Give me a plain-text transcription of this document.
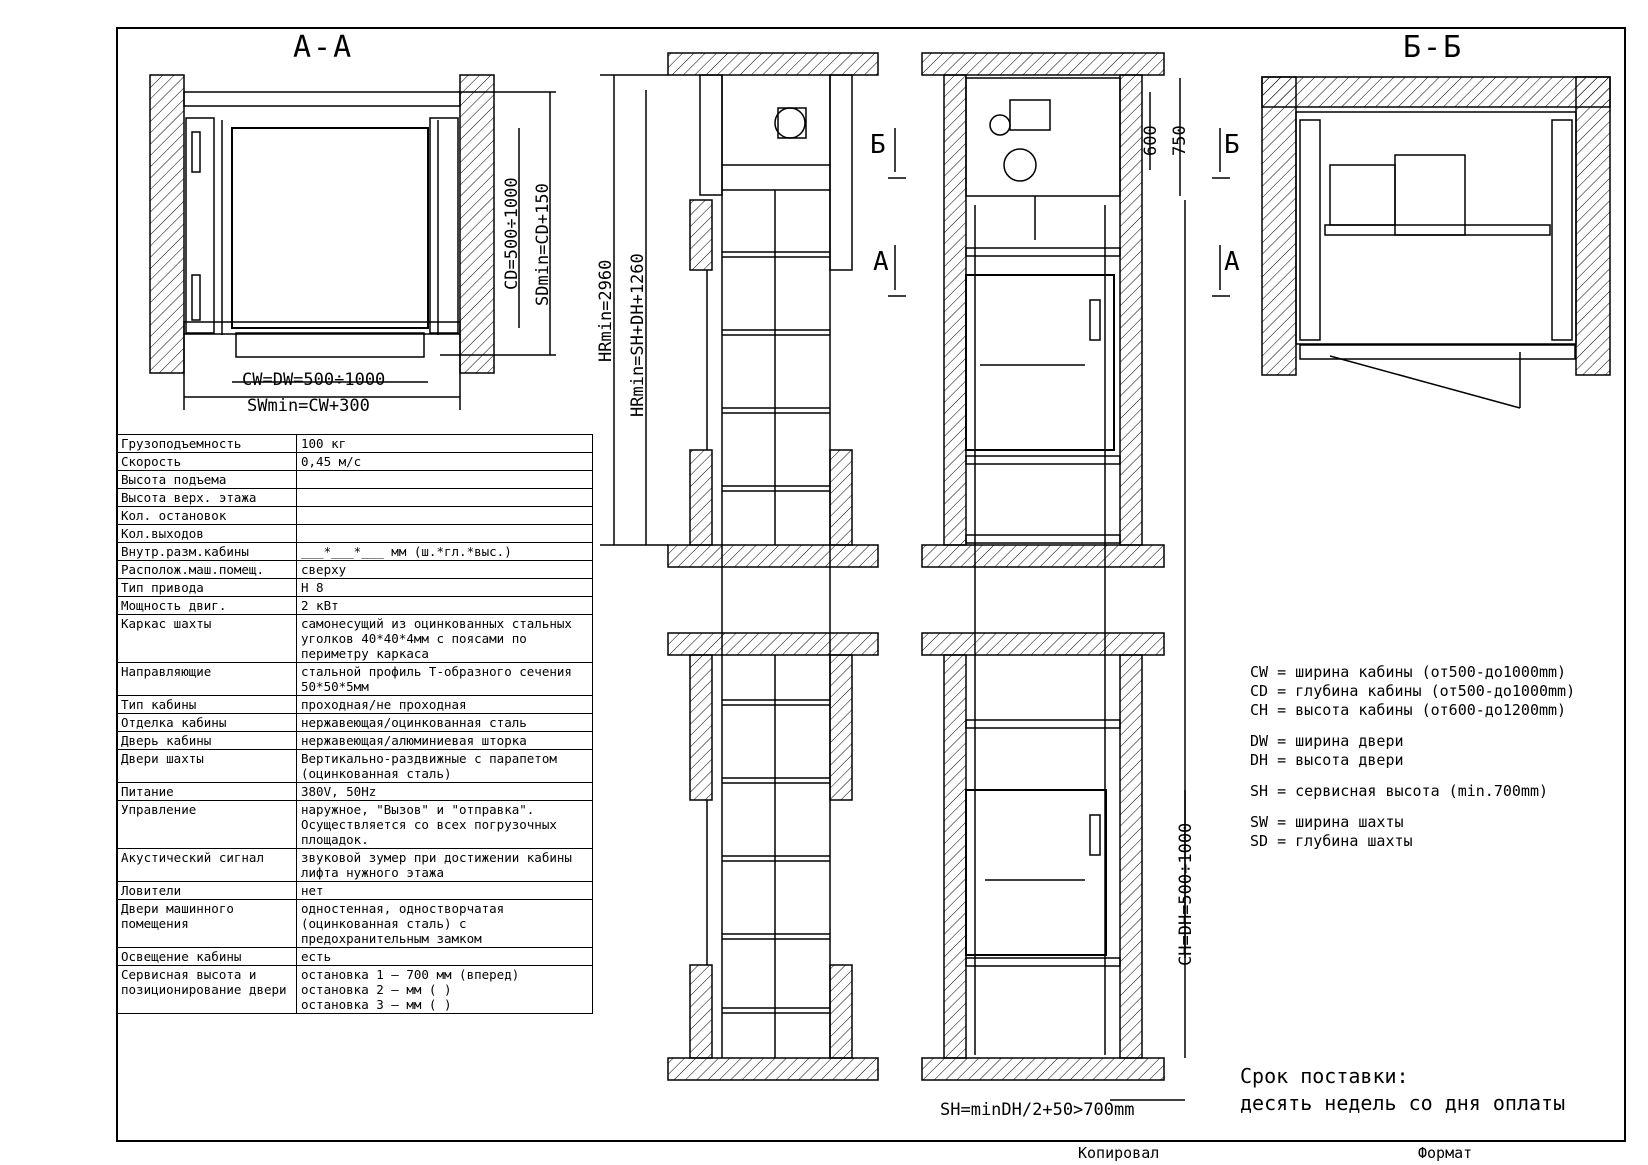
А-А	Б-Б
Б	Б
А	А
CW=DW=500÷1000
SWmin=CW+300
CD=500÷1000 SDmin=CD+150
HRmin=2960 HRmin=SH+DH+1260
600 750
CH=DH=500÷1000
SH=minDH/2+50>700mm
Грузоподъемность	100 кг
Скорость	0,45 м/с
Высота подъема	
Высота верх. этажа	
Кол. остановок	
Кол.выходов	
Внутр.разм.кабины	___*___*___ мм (ш.*гл.*выс.)
Располож.маш.помещ.	сверху
Тип привода	Н 8
Мощность двиг.	2 кВт
Каркас шахты	самонесущий из оцинкованных стальных уголков 40*40*4мм с поясами по периметру каркаса
Направляющие	стальной профиль Т-образного сечения 50*50*5мм
Тип кабины	проходная/не проходная
Отделка кабины	нержавеющая/оцинкованная сталь
Дверь кабины	нержавеющая/алюминиевая шторка
Двери шахты	Вертикально-раздвижные с парапетом (оцинкованная сталь)
Питание	380V, 50Hz
Управление	наружное, "Вызов" и "отправка". Осуществляется со всех погрузочных площадок.
Акустический сигнал	звуковой зумер при достижении кабины лифта нужного этажа
Ловители	нет
Двери машинного помещения	одностенная, одностворчатая (оцинкованная сталь) с предохранительным замком
Освещение кабины	есть
Сервисная высота и позиционирование двери	остановка 1 – 700 мм (вперед)
остановка 2 – мм ( )
остановка 3 – мм ( )
CW = ширина кабины (от500-до1000mm)
CD = глубина кабины (от500-до1000mm)
CH = высота кабины (от600-до1200mm)
DW = ширина двери
DH = высота двери
SH = сервисная высота (min.700mm)
SW = ширина шахты
SD = глубина шахты
Срок поставки:
десять недель со дня оплаты
Копировал	Формат
